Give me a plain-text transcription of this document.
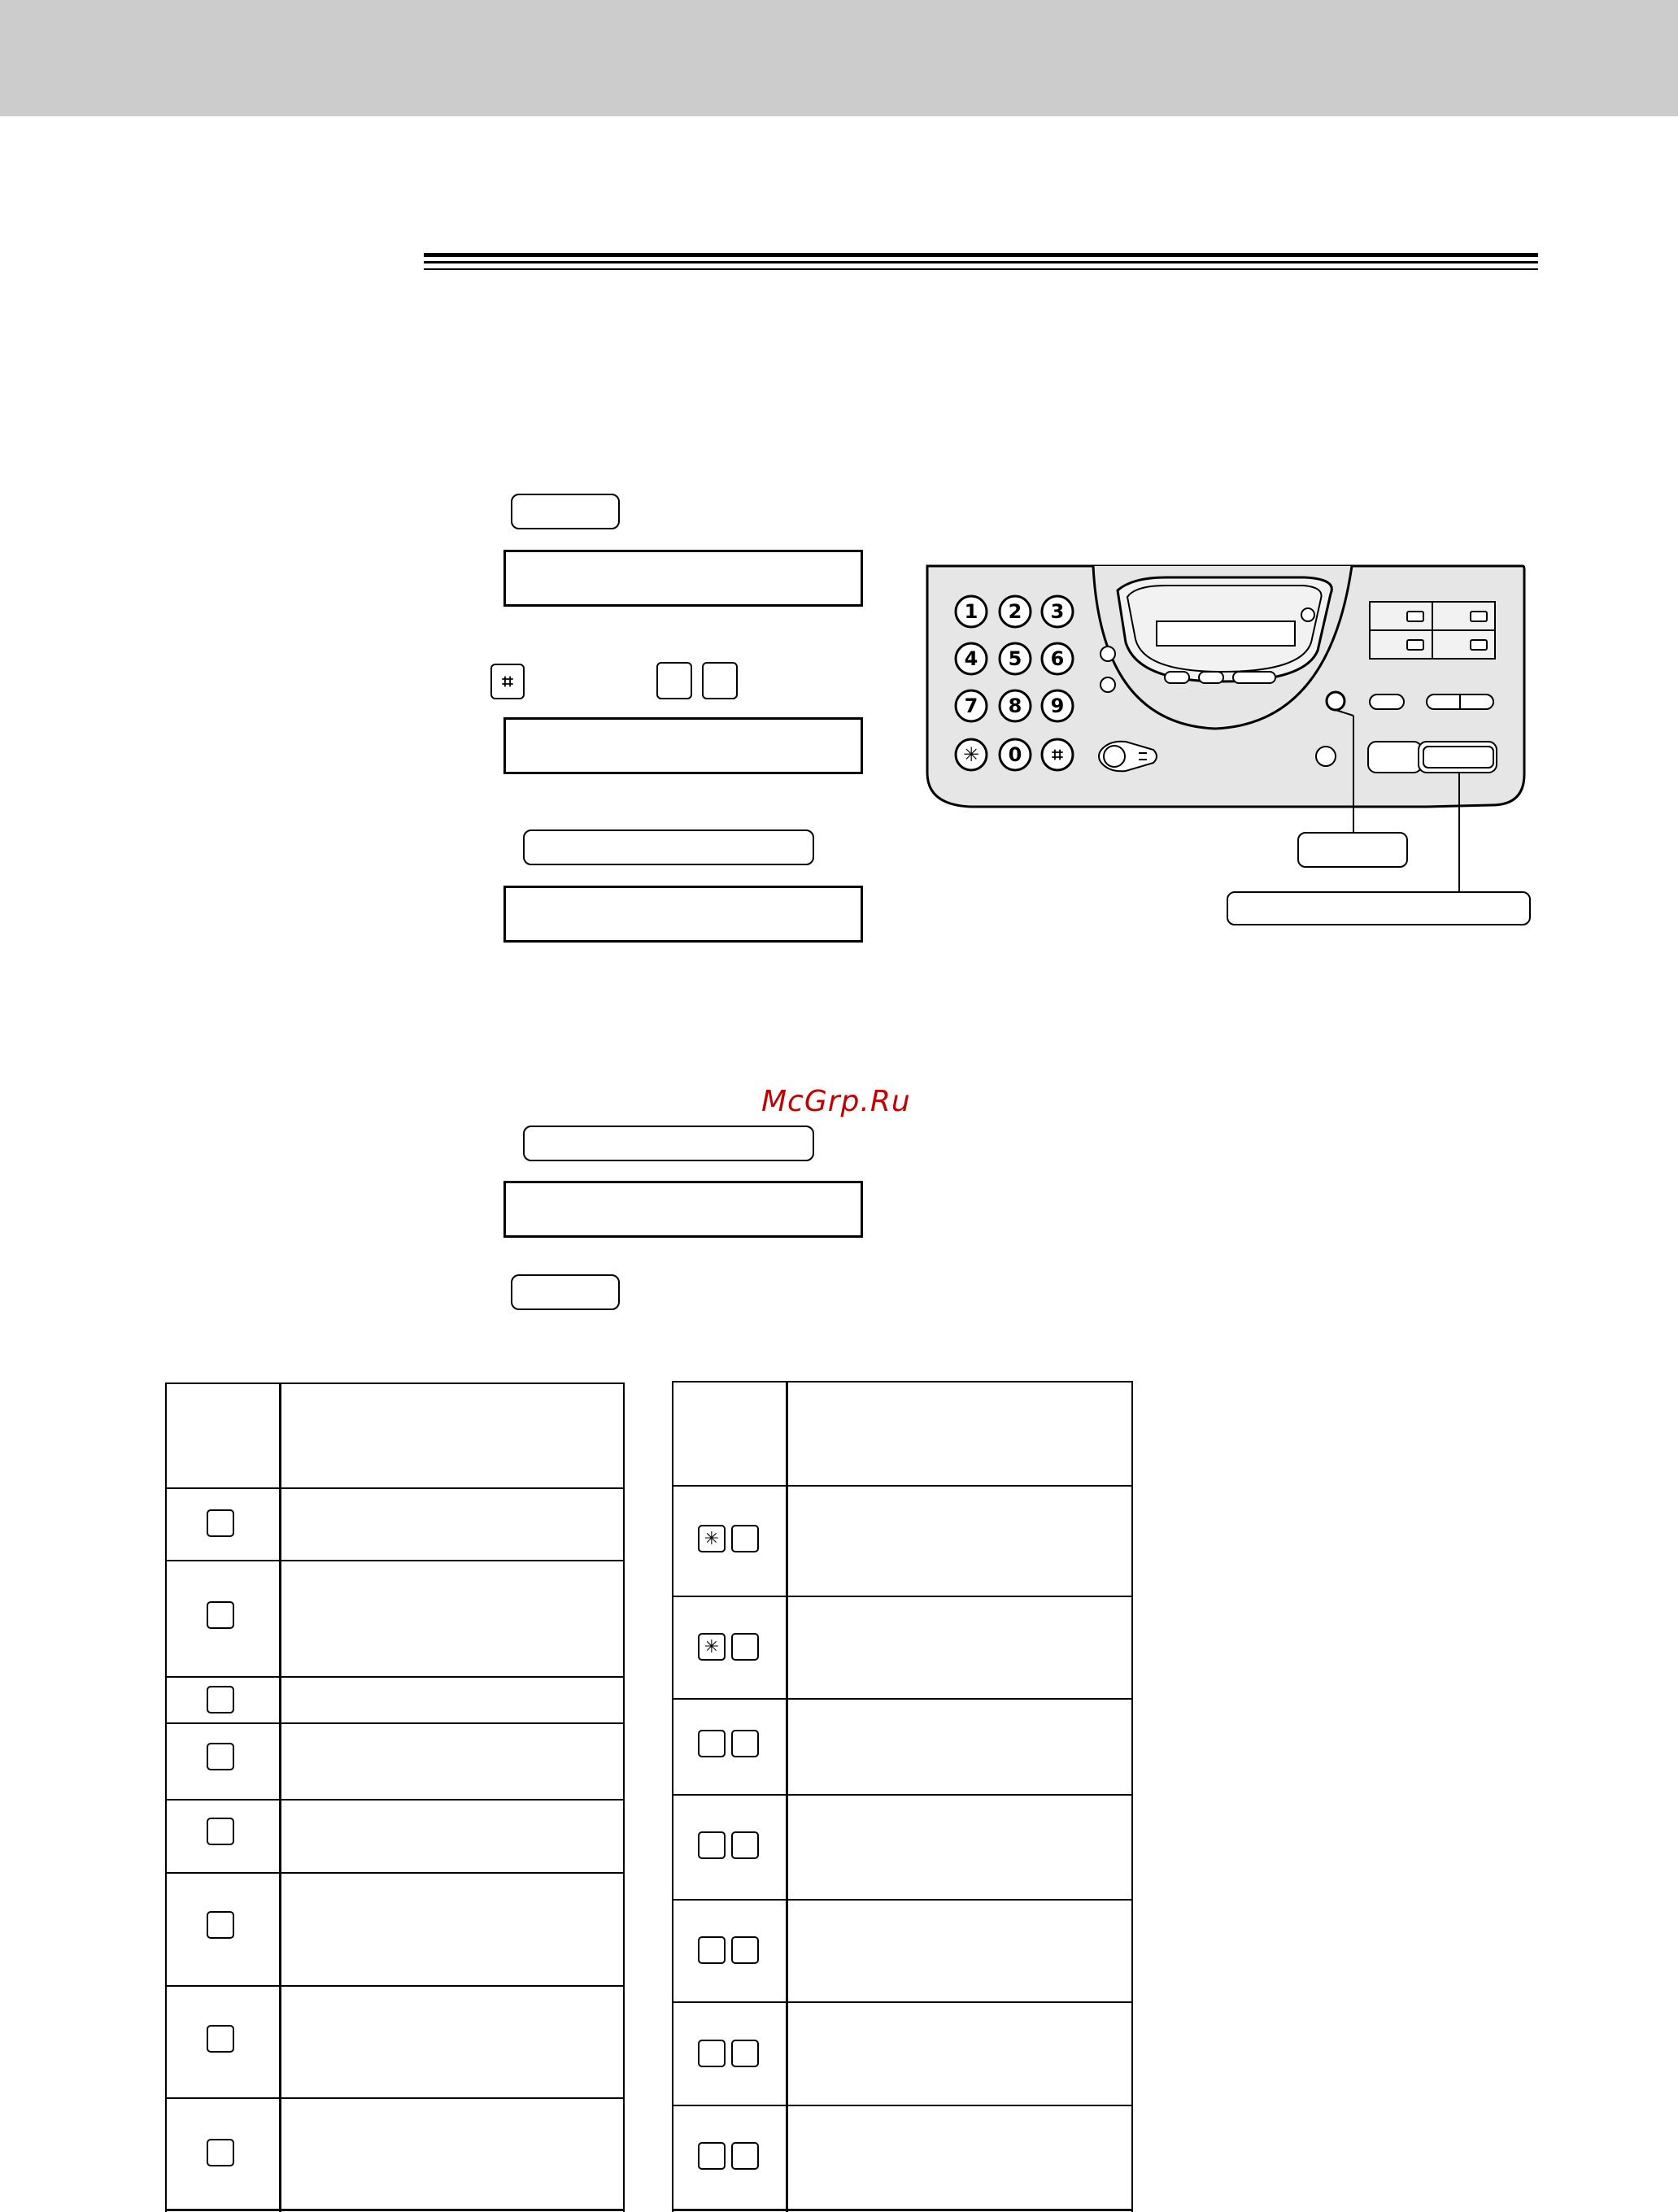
⌗
McGrp.Ru
1 2 3
4 5 6
7 8 9
✳ 0 ⌗
✳
✳
